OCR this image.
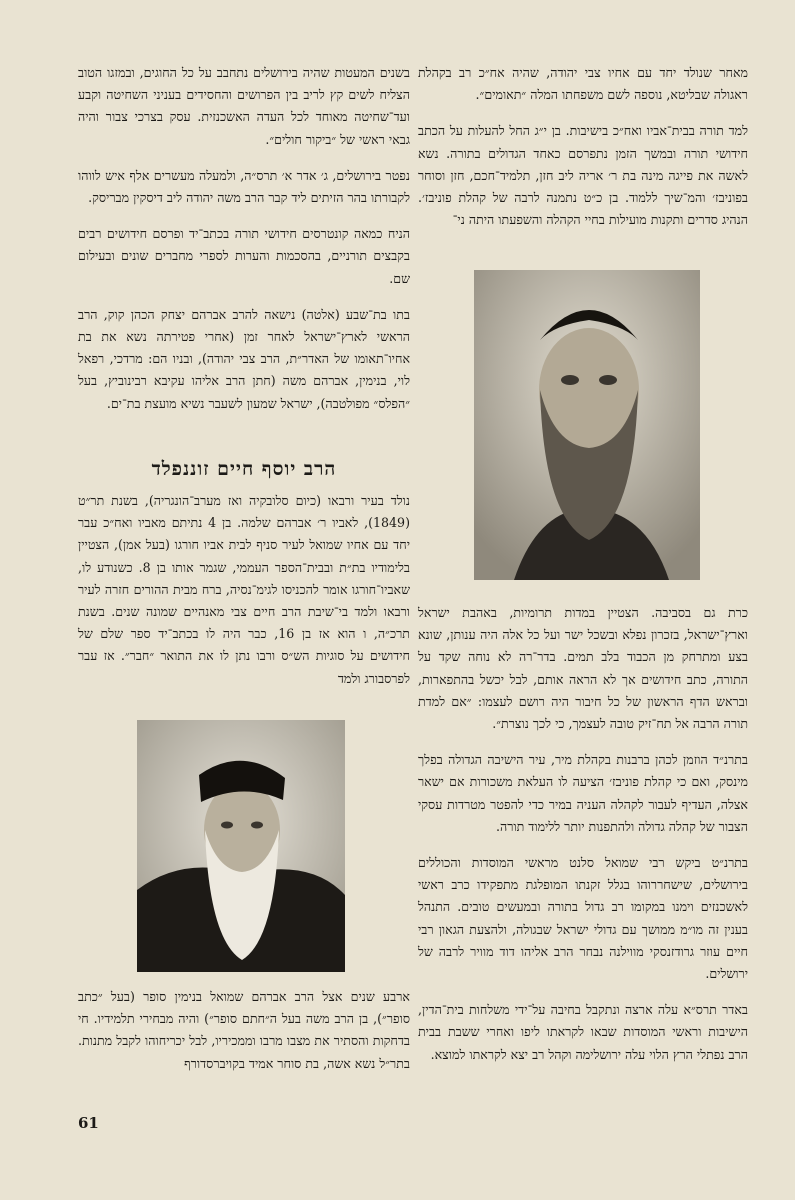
מאחר שנולד יחד עם אחיו צבי יהודה, שהיה אח״כ רב בקהלת ראגולה שבליטא, נוספה לשם משפחתו המלה ״תאומים״.

למד תורה בבית־אביו ואח״כ בישיבות. בן י״ג החל להעלות על הכתב חידושי תורה ובמשך הזמן נתפרסם כאחד הגדולים בתורה. נשא לאשה את פייגה מינה בת ר׳ אריה ליב חזן, תלמיד־חכם, חזן וסוחר בפוניבז׳ והמ־שיך ללמוד. בן כ״ט נתמנה לרבה של קהלת פוניבז׳. הנהיג סדרים ותקנות מועילות בחיי הקהלה והשפעתו היתה ני־

כרת גם בסביבה. הצטיין במדות תרומיות, באהבת ישראל וארץ־ישראל, בזכרון נפלא ובשכל ישר ועל כל אלה היה ענותן, שונא בצע ומתרחק מן הכבוד בלב תמים. בדר־רה לא נוחה שקד על התורה, כתב חידושים אך לא הראה אותם, לבל יכשל בהתפארות, ובראש הדף הראשון של כל חיבור היה רושם לעצמו: ״אם למדת תורה הרבה אל תח־זיק טובה לעצמך, כי לכך נוצרת״.

בתרנ״ד הוזמן לכהן ברבנות בקהלת מיר, עיר הישיבה הגדולה בפלך מינסק, ואם כי קהלת פוניבז׳ הציעה לו העלאת משכורות אם ישאר אצלה, העדיף לעבור לקהלה העניה במיר כדי להפטר מטרדות עסקי הצבור של קהלה גדולה ולהתפנות יותר ללימוד תורה.

בתרנ״ט ביקש רבי שמואל סלנט מראשי המוסדות והכוללים בירושלים, שישחררוהו בגלל זקנתו המופלגת מתפקידו כרב ראשי לאשכנזים וימנו במקומו רב גדול בתורה ובמעשים טובים. התנהל בענין זה מו״מ ממושך עם גדולי ישראל שבגולה, ולהצעת הגאון רבי חיים עוזר גרודזנסקי מווילנה נבחר הרב אליהו דוד מוויר לרבה של ירושלים.

באדר תרס״א עלה ארצה ונתקבל בחיבה על־ידי משלחות בית־הדין, הישיבות וראשי המוסדות שבאו לקראתו ליפו ואחרי ששבת בבית הרב נפתלי הרץ הלוי עלה ירושלימה וקהל רב יצא לקראתו למוצא.

בשנים המעטות שהיה בירושלים נתחבב על כל החוגים, ובמזגו הטוב הצליח לשים קץ לריב בין הפרושים והחסידים בעניני השחיטה וקבע ועד־שחיטה מאוחד לכל העדה האשכנזית. עסק בצרכי צבור והיה גבאי ראשי של ״ביקור חולים״.

נפטר בירושלים, ג׳ אדר א׳ תרס״ה, ולמעלה מעשרים אלף איש לווהו לקבורתו בהר הזיתים ליד קבר הרב משה יהודה ליב דיסקין מבריסק.

הניח כמאה קונטרסים חידושי תורה בכתב־יד ופרסם חידושים רבים בקבצים תורניים, בהסכמות והערות לספרי מחברים שונים ובעילום שם.

בתו בת־שבע (אלטה) נישאה להרב אברהם יצחק הכהן קוק, הרב הראשי לארץ־ישראל לאחר זמן (אחרי פטירתה נשא את בת אחיו־תאומו של האדר״ת, הרב צבי יהודה), ובניו הם: מרדכי, רפאל לוי, בנימין, אברהם משה (חתן הרב אליהו עקיבא רבינוביץ, בעל ״הפלס״ מפולטבה), ישראל שמעון לשעבר נשיא מועצת בת־ים.

הרב יוסף חיים זוננפלד

נולד בעיר ורבאו (כיום סלובקיה ואז מערב־הונגריה), בשנת תר״ט (1849), לאביו ר׳ אברהם שלמה. בן 4 נתיתם מאביו ואח״כ עבר יחד עם אחיו שמואל לעיר סניף לבית אביו חורגו (בעל אמן), הצטיין בלימודיו בת״ת ובבית־הספר העממי, שגמר אותו בן 8. כשנודע לו, שאביו־חורגו אומר להכניסו לגימ־נסיה, ברח מבית ההורים חזרה לעיר ורבאו ולמד בי־שיבת הרב חיים צבי מאנהיים שמונה שנים. בשנת תרכ״ה, ו הוא אז בן 16, כבר היה לו בכתב־יד ספר שלם של חידושים על סוגיות הש״ס ורבו נתן לו את התואר ״חבר״. אז עבר לפרסבורג ולמד

ארבע שנים אצל הרב אברהם שמואל בנימין סופר (בעל ״כתב סופר״), בן הרב משה בעל ה״חתם סופר״) והיה מבחירי תלמידיו. חי בדחקות והסתיר את מצבו מרבו וממכיריו, לבל יכריחוהו לקבל מתנות. בתר״ל נשא אשה, בת סוחר אמיד בקויברסדורף

61
